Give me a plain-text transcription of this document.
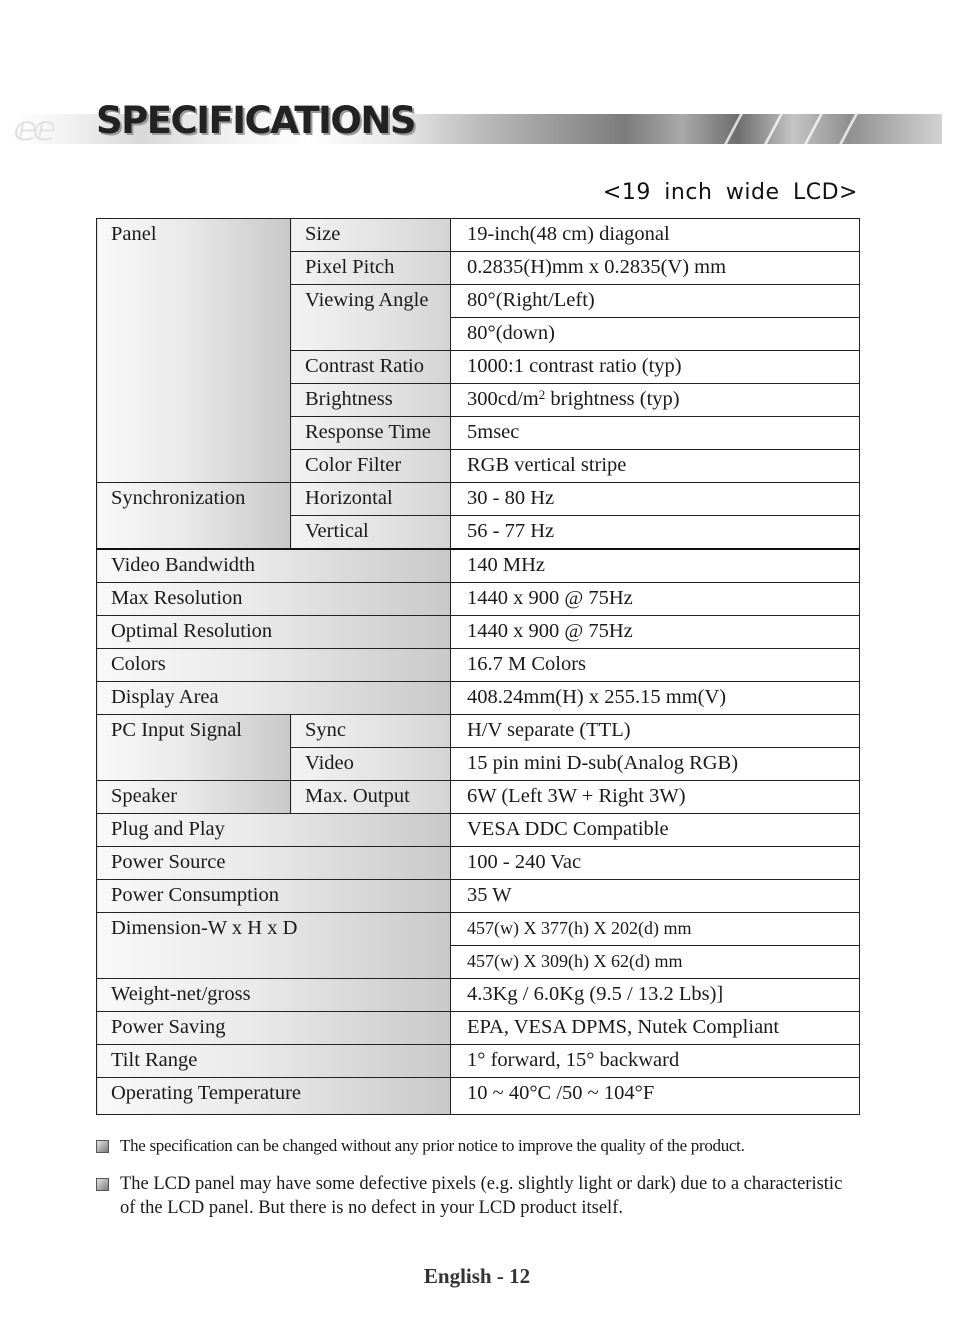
ⅇⅇ	SPECIFICATIONS
<19 inch wide LCD>
Panel	Size	19-inch(48 cm) diagonal
	Pixel Pitch	0.2835(H)mm x 0.2835(V) mm
	Viewing Angle	80°(Right/Left)
		80°(down)
	Contrast Ratio	1000:1 contrast ratio (typ)
	Brightness	$300cd/m^2$ brightness (typ)
	Response Time	5msec
	Color Filter	RGB vertical stripe
Synchronization	Horizontal	30 - 80 Hz
	Vertical	56 - 77 Hz
Video Bandwidth		140 MHz
Max Resolution		1440 x 900 @ 75Hz
Optimal Resolution		1440 x 900 @ 75Hz
Colors		16.7 M Colors
Display Area		408.24mm(H) x 255.15 mm(V)
PC Input Signal	Sync	H/V separate (TTL)
	Video	15 pin mini D-sub(Analog RGB)
Speaker	Max. Output	6W (Left 3W + Right 3W)
Plug and Play		VESA DDC Compatible
Power Source		100 - 240 Vac
Power Consumption		35 W
Dimension-W x H x D		457(w) X 377(h) X 202(d) mm
		457(w) X 309(h) X 62(d) mm
Weight-net/gross		4.3Kg / 6.0Kg (9.5 / 13.2 Lbs)]
Power Saving		EPA, VESA DPMS, Nutek Compliant
Tilt Range		1° forward, 15° backward
Operating Temperature		10 ~ 40°C /50 ~ 104°F
The specification can be changed without any prior notice to improve the quality of the product.
The LCD panel may have some defective pixels (e.g. slightly light or dark) due to a characteristic of the LCD panel. But there is no defect in your LCD product itself.
English - 12
